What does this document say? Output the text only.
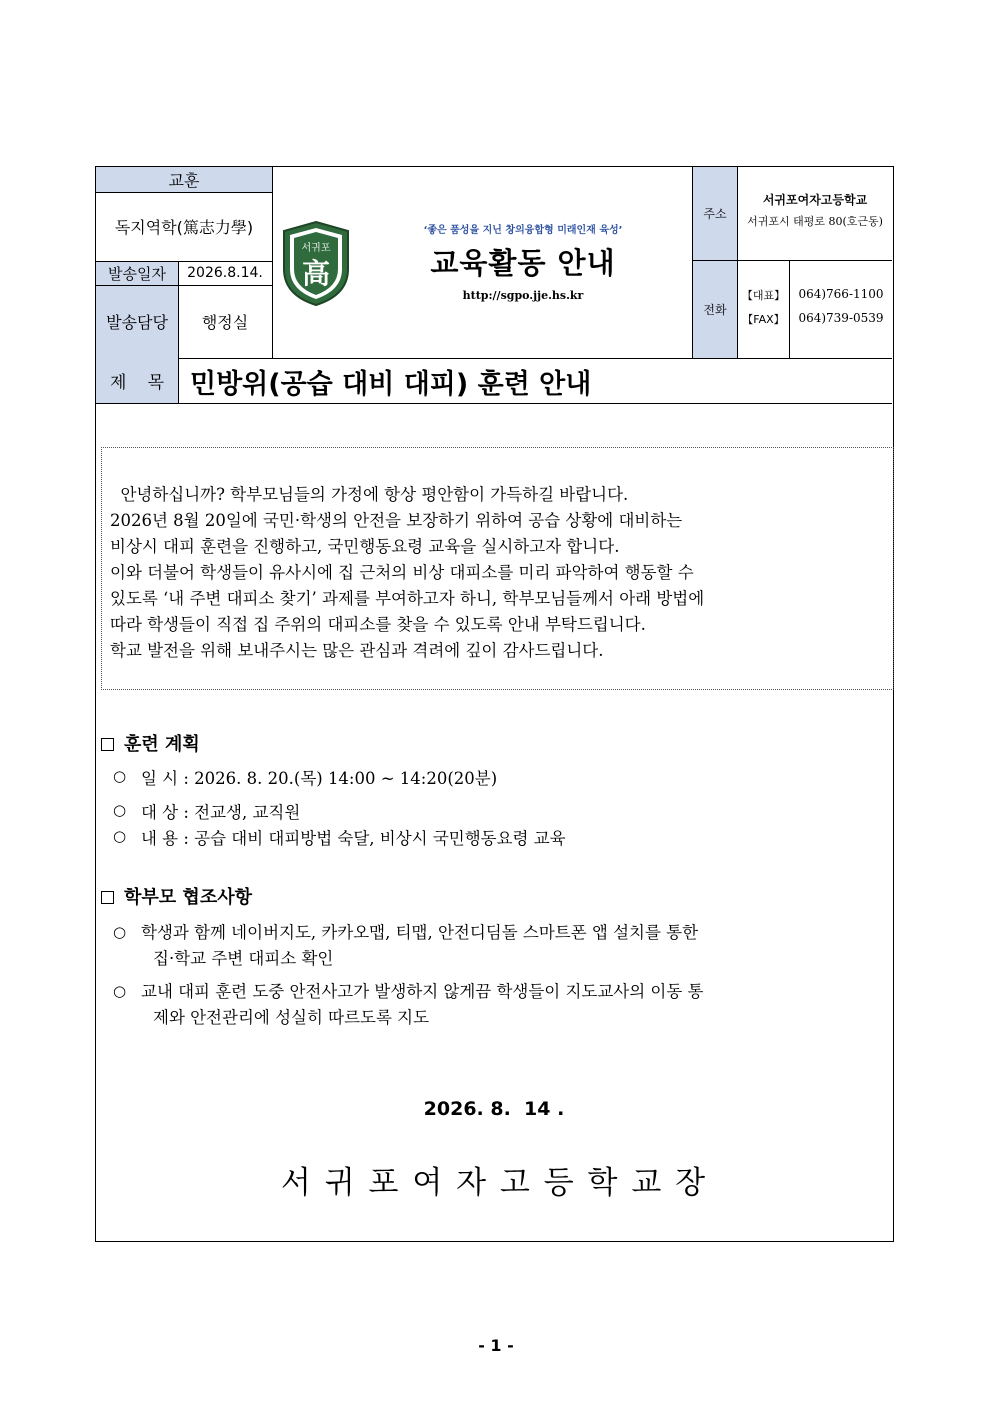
교훈
독지역학(篤志力學)
발송일자	2026.8.14.
발송담당	행정실
서귀포
高
‘좋은 품성을 지닌 창의융합형 미래인재 육성’
교육활동 안내
http://sgpo.jje.hs.kr
주소
전화
서귀포여자고등학교
서귀포시 태평로 80(호근동)
【대표】
【FAX】
064)766-1100
064)739-0539
제 목 민방위(공습 대비 대피) 훈련 안내

안녕하십니까? 학부모님들의 가정에 항상 평안함이 가득하길 바랍니다.

2026년 8월 20일에 국민·학생의 안전을 보장하기 위하여 공습 상황에 대비하는

비상시 대피 훈련을 진행하고, 국민행동요령 교육을 실시하고자 합니다.

이와 더불어 학생들이 유사시에 집 근처의 비상 대피소를 미리 파악하여 행동할 수

있도록 ‘내 주변 대피소 찾기’ 과제를 부여하고자 하니, 학부모님들께서 아래 방법에

따라 학생들이 직접 집 주위의 대피소를 찾을 수 있도록 안내 부탁드립니다.

학교 발전을 위해 보내주시는 많은 관심과 격려에 깊이 감사드립니다.

훈련 계획
○ 일 시 : 2026. 8. 20.(목) 14:00 ~ 14:20(20분)
○ 대 상 : 전교생, 교직원
○ 내 용 : 공습 대비 대피방법 숙달, 비상시 국민행동요령 교육
학부모 협조사항
○ 학생과 함께 네이버지도, 카카오맵, 티맵, 안전디딤돌 스마트폰 앱 설치를 통한
집·학교 주변 대피소 확인
○ 교내 대피 훈련 도중 안전사고가 발생하지 않게끔 학생들이 지도교사의 이동 통
제와 안전관리에 성실히 따르도록 지도
2026. 8.  14 .
서 귀 포 여 자 고 등 학 교 장
- 1 -
